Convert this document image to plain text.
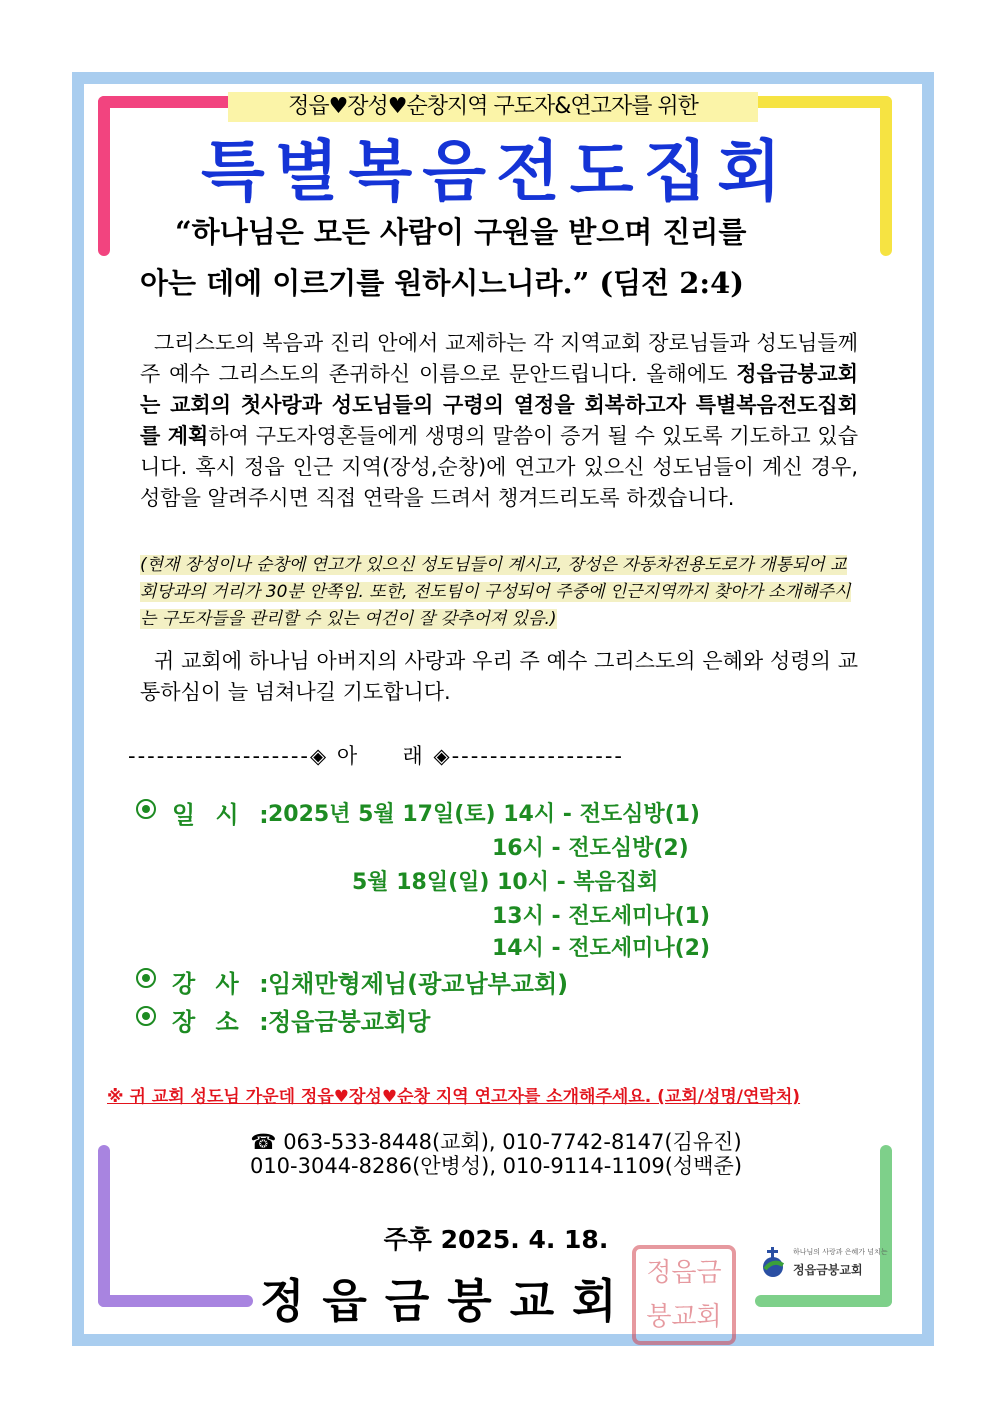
정읍♥장성♥순창지역 구도자&연고자를 위한
특별복음전도집회
“하나님은 모든 사람이 구원을 받으며 진리를
아는 데에 이르기를 원하시느니라.” (딤전 2:4)
그리스도의 복음과 진리 안에서 교제하는 각 지역교회 장로님들과 성도님들께 주 예수 그리스도의 존귀하신 이름으로 문안드립니다. 올해에도 정읍금붕교회는 교회의 첫사랑과 성도님들의 구령의 열정을 회복하고자 특별복음전도집회를 계획하여 구도자영혼들에게 생명의 말씀이 증거 될 수 있도록 기도하고 있습니다. 혹시 정읍 인근 지역(장성,순창)에 연고가 있으신 성도님들이 계신 경우, 성함을 알려주시면 직접 연락을 드려서 챙겨드리도록 하겠습니다.
(현재 장성이나 순창에 연고가 있으신 성도님들이 계시고, 장성은 자동차전용도로가 개통되어 교회당과의 거리가 30분 안쪽임. 또한, 전도팀이 구성되어 주중에 인근지역까지 찾아가 소개해주시는 구도자들을 관리할 수 있는 여건이 잘 갖추어져 있음.)
귀 교회에 하나님 아버지의 사랑과 우리 주 예수 그리스도의 은혜와 성령의 교통하심이 늘 넘쳐나길 기도합니다.
-------------------◈ 아     래 ◈------------------
일 시 :
2025년 5월 17일(토) 14시 - 전도심방(1)
16시 - 전도심방(2)
5월 18일(일) 10시 - 복음집회
13시 - 전도세미나(1)
14시 - 전도세미나(2)
강 사 :
임채만형제님(광교남부교회)
장 소 :
정읍금붕교회당
※ 귀 교회 성도님 가운데 정읍♥장성♥순창 지역 연고자를 소개해주세요. (교회/성명/연락처)
☎ 063-533-8448(교회), 010-7742-8147(김유진)
010-3044-8286(안병성), 010-9114-1109(성백준)
주후 2025. 4. 18.
정읍금붕교회
정읍금붕교회
하나님의 사랑과 은혜가 넘치는
정읍금붕교회
